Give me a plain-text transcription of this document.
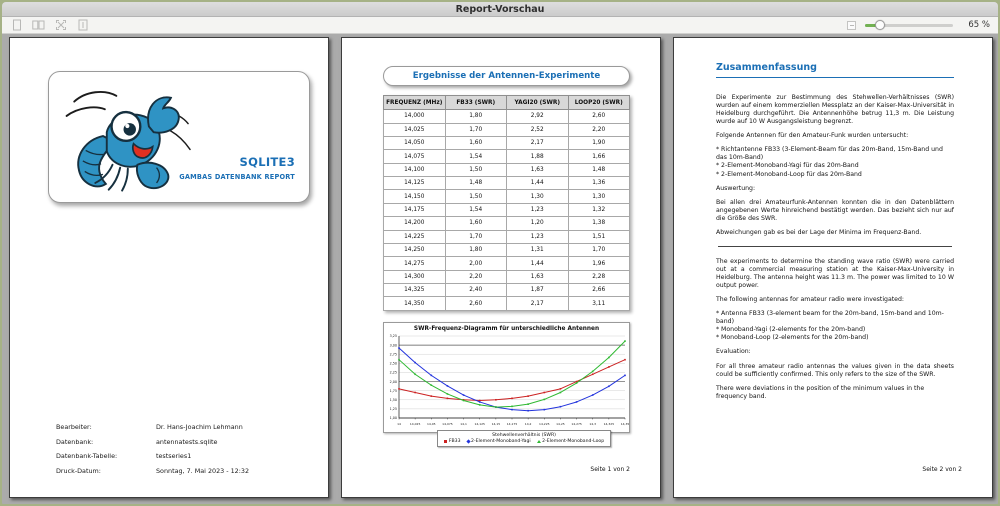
Report-Vorschau
65 %
SQLITE3
GAMBAS DATENBANK REPORT
Bearbeiter:	Dr. Hans-Joachim Lehmann
Datenbank:	antennatests.sqlite
Datenbank-Tabelle:	testseries1
Druck-Datum:	Sonntag, 7. Mai 2023 - 12:32
Ergebnisse der Antennen-Experimente
FREQUENZ (MHz)	FB33 (SWR)	YAGI20 (SWR)	LOOP20 (SWR)
14,000	1,80	2,92	2,60
14,025	1,70	2,52	2,20
14,050	1,60	2,17	1,90
14,075	1,54	1,88	1,66
14,100	1,50	1,63	1,48
14,125	1,48	1,44	1,36
14,150	1,50	1,30	1,30
14,175	1,54	1,23	1,32
14,200	1,60	1,20	1,38
14,225	1,70	1,23	1,51
14,250	1,80	1,31	1,70
14,275	2,00	1,44	1,96
14,300	2,20	1,63	2,28
14,325	2,40	1,87	2,66
14,350	2,60	2,17	3,11
SWR-Frequenz-Diagramm für unterschiedliche Antennen
1,00
1,25
1,50
1,75
2,00
2,25
2,50
2,75
3,00
3,25
14	14,025 14,05 14,075	14,1	14,125 14,15 14,175	14,2	14,225 14,25 14,275	14,3	14,325 14,35
Stehwellenverhältnis (SWR)
FB33 2-Element-Monoband-Yagi	2-Element-Monoband-Loop
Seite 1 von 2
Zusammenfassung
Die Experimente zur Bestimmung des Stehwellen-Verhältnisses (SWR) wurden auf einem kommerziellen Messplatz an der Kaiser-Max-Universität in Heidelburg durchgeführt. Die Antennenhöhe betrug 11,3 m. Die Leistung wurde auf 10 W Ausgangsleistung begrenzt.
Folgende Antennen für den Amateur-Funk wurden untersucht:
* Richtantenne FB33 (3-Element-Beam für das 20m-Band, 15m-Band und das 10m-Band)
* 2-Element-Monoband-Yagi für das 20m-Band
* 2-Element-Monoband-Loop für das 20m-Band
Auswertung:
Bei allen drei Amateurfunk-Antennen konnten die in den Datenblättern angegebenen Werte hinreichend bestätigt werden. Das bezieht sich nur auf die Größe des SWR.
Abweichungen gab es bei der Lage der Minima im Frequenz-Band.
The experiments to determine the standing wave ratio (SWR) were carried out at a commercial measuring station at the Kaiser-Max-University in Heidelburg. The antenna height was 11.3 m. The power was limited to 10 W output power.
The following antennas for amateur radio were investigated:
* Antenna FB33 (3-element beam for the 20m-band, 15m-band and 10m-band)
* Monoband-Yagi (2-elements for the 20m-band)
* Monoband-Loop (2-elements for the 20m-band)
Evaluation:
For all three amateur radio antennas the values given in the data sheets could be sufficiently confirmed. This only refers to the size of the SWR.
There were deviations in the position of the minimum values in the frequency band.
Seite 2 von 2
